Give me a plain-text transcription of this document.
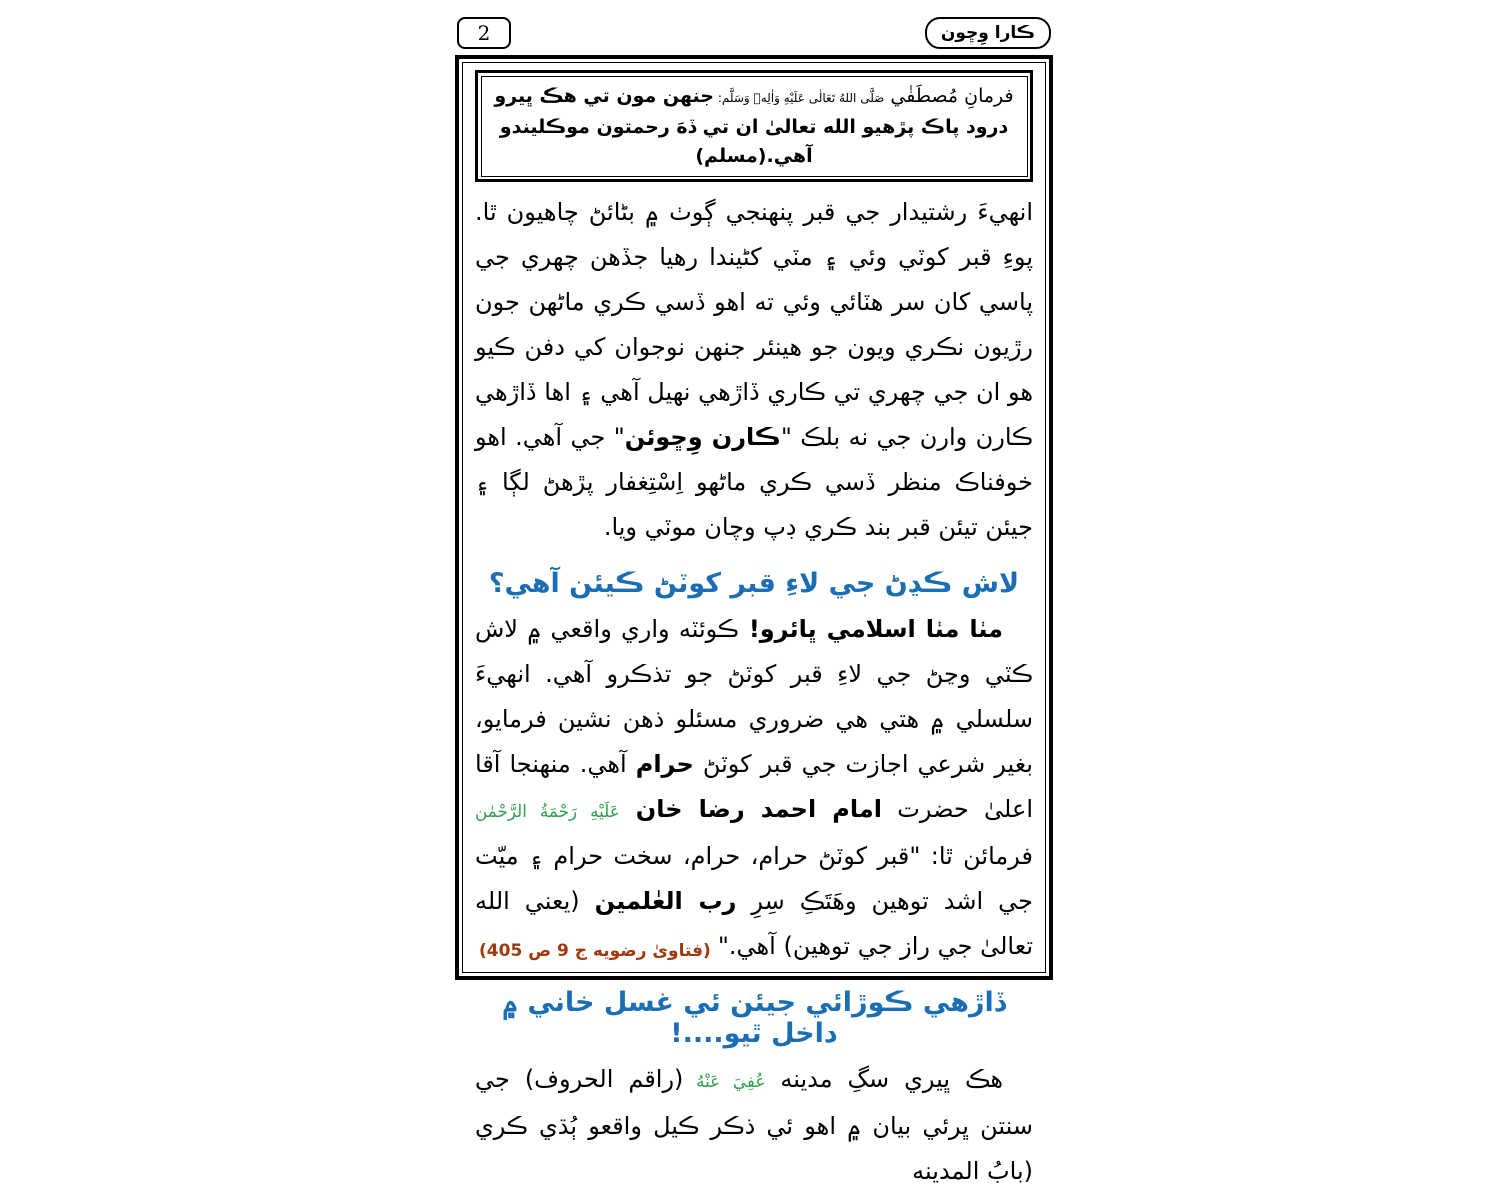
2	ڪارا وِڇون
فرمانِ مُصطَفٰي صَلَّى اللهُ تَعَالٰى عَلَيْهِ وَاٰلِهٖ وَسَلَّم: جنهن مون تي هڪ ڀيرو درود پاڪ پڙهيو الله تعالیٰ ان تي ڏهَ رحمتون موڪليندو آهي.(مسلم)

انهيءَ رشتيدار جي قبر پنهنجي ڳوٺ ۾ بڻائڻ چاهيون ٿا. پوءِ قبر کوٽي وئي ۽ مٽي کڻيندا رهيا جڏهن چهري جي پاسي کان سر هٽائي وئي ته اهو ڏسي ڪري ماڻهن جون رڙيون نڪري ويون جو هينئر جنهن نوجوان کي دفن ڪيو هو ان جي چهري تي ڪاري ڏاڙهي نهيل آهي ۽ اها ڏاڙهي ڪارن وارن جي نه بلڪ "ڪارن وِڇوئن" جي آهي. اهو خوفناڪ منظر ڏسي ڪري ماڻهو اِسْتِغفار پڙهڻ لڳا ۽ جيئن تيئن قبر بند ڪري ڊپ وچان موٽي ويا.

لاش ڪڍڻ جي لاءِ قبر کوٽڻ ڪيئن آهي؟

مٺا مٺا اسلامي ڀائرو! ڪوئٽه واري واقعي ۾ لاش ڪٽي وڃڻ جي لاءِ قبر کوٽڻ جو تذڪرو آهي. انهيءَ سلسلي ۾ هتي هي ضروري مسئلو ذهن نشين فرمايو، بغير شرعي اجازت جي قبر کوٽڻ حرام آهي. منهنجا آقا اعلیٰ حضرت امام احمد رضا خان عَلَيْهِ رَحْمَةُ الرَّحْمٰن فرمائن ٿا: "قبر کوٽڻ حرام، حرام، سخت حرام ۽ ميّت جي اشد توهين وهَتَڪِ سِرِ رب العٰلمين (يعني الله تعالیٰ جي راز جي توهين) آهي."

(فتاویٰ رضويه ج 9 ص 405)
ڏاڙهي ڪوڙائي جيئن ئي غسل خاني ۾ داخل ٿيو....!

هڪ ڀيري سگِ مدينه عُفِيَ عَنْهُ (راقم الحروف) جي سنتن ڀرئي بيان ۾ اهو ئي ذڪر ڪيل واقعو ٻُڌي ڪري (بابُ المدينه
